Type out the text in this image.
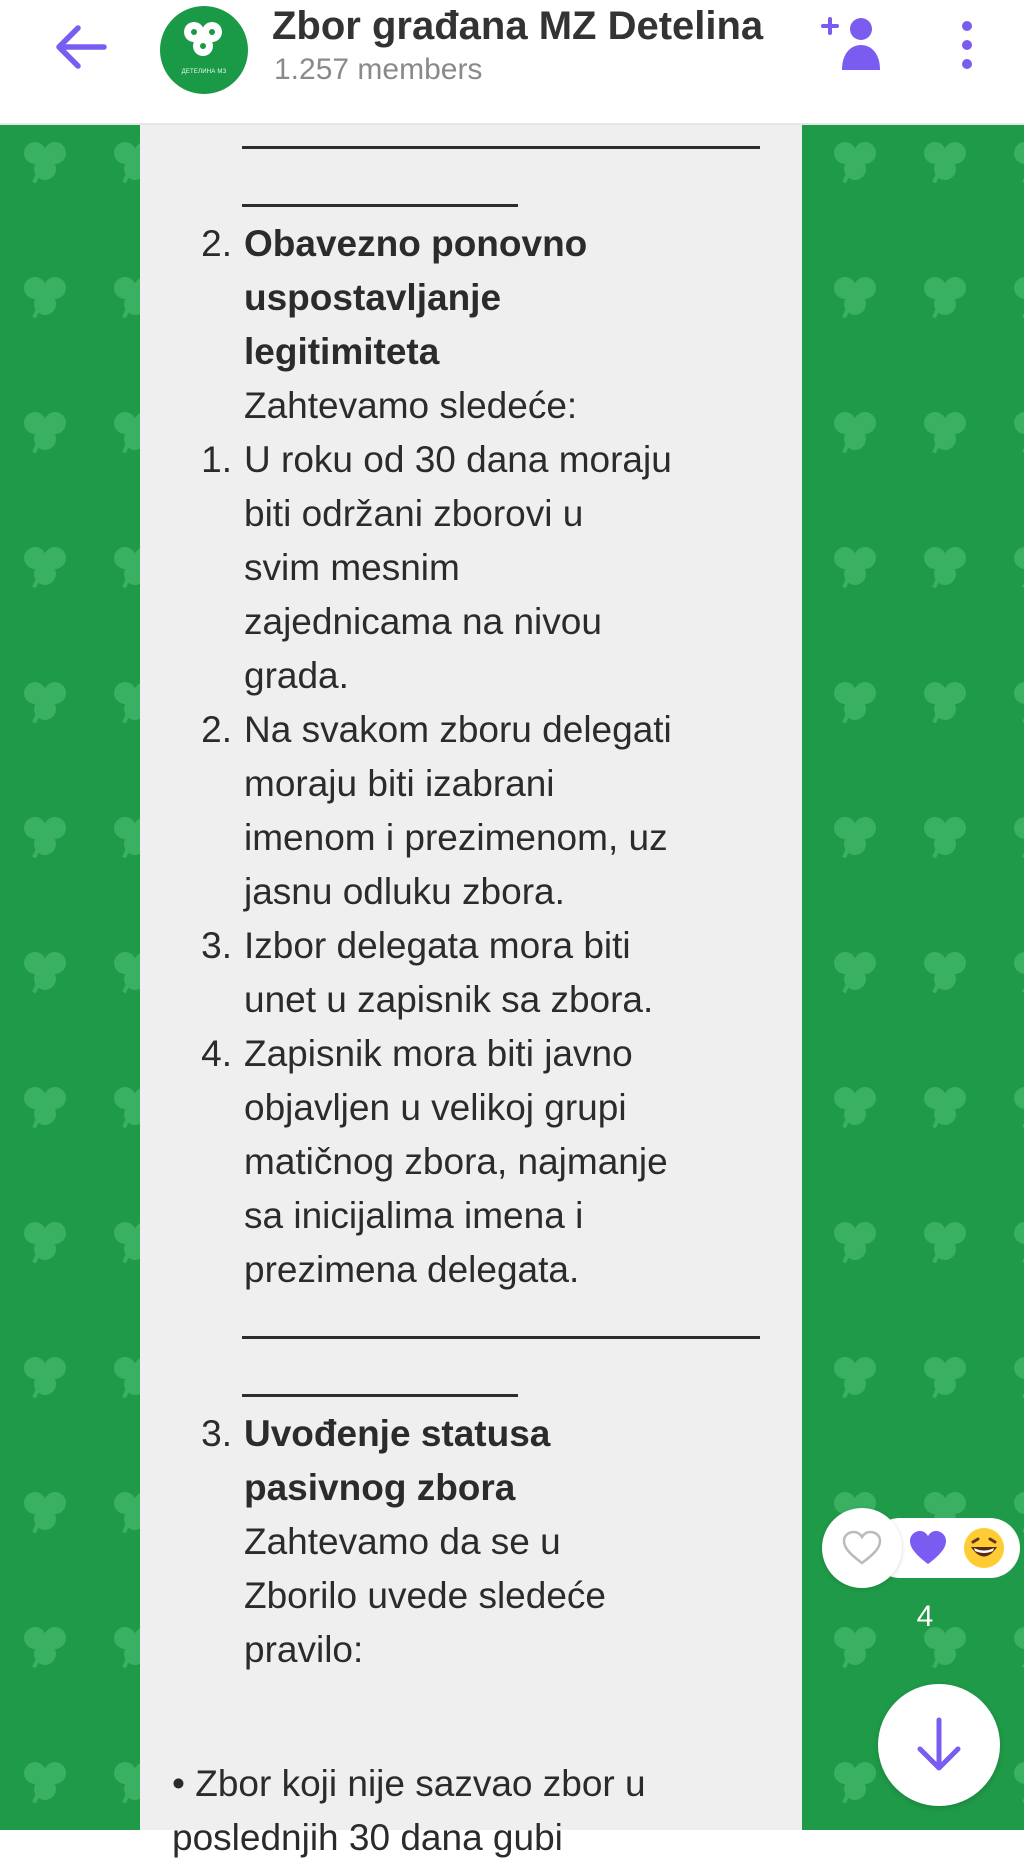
ДЕТЕЛИНА МЗ
Zbor građana MZ Detelina
1.257 members
2. Obavezno ponovno
uspostavljanje
legitimiteta
Zahtevamo sledeće:
1. U roku od 30 dana moraju
biti održani zborovi u
svim mesnim
zajednicama na nivou
grada.
2. Na svakom zboru delegati
moraju biti izabrani
imenom i prezimenom, uz
jasnu odluku zbora.
3. Izbor delegata mora biti
unet u zapisnik sa zbora.
4. Zapisnik mora biti javno
objavljen u velikoj grupi
matičnog zbora, najmanje
sa inicijalima imena i
prezimena delegata.
3. Uvođenje statusa
pasivnog zbora
Zahtevamo da se u
Zborilo uvede sledeće
pravilo:
• Zbor koji nije sazvao zbor u
poslednjih 30 dana gubi
4
